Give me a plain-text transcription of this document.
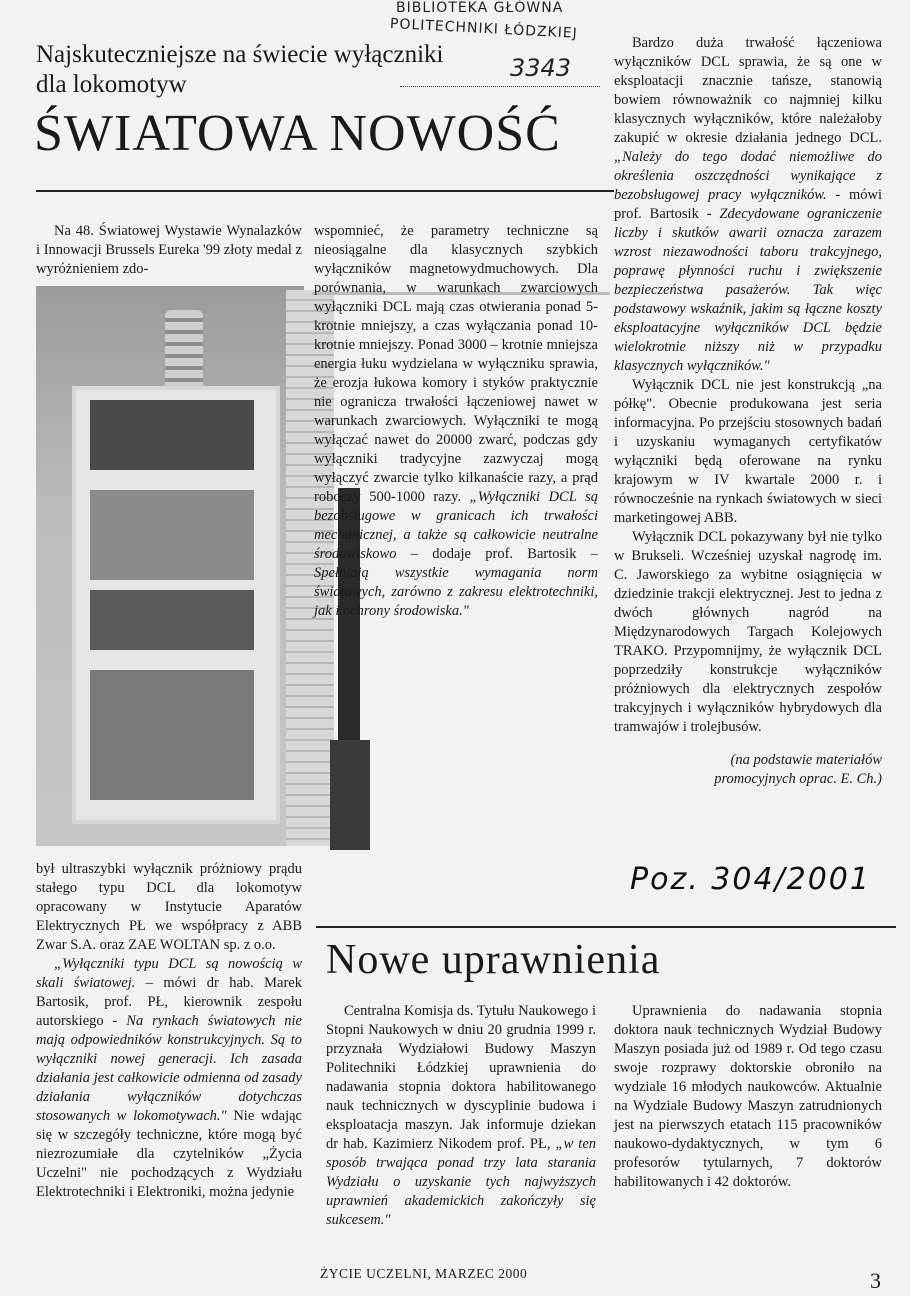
BIBLIOTEKA GŁÓWNA
POLITECHNIKI ŁÓDZKIEJ
3343
Najskuteczniejsze na świecie wyłączniki
dla lokomotyw
ŚWIATOWA NOWOŚĆ

Na 48. Światowej Wystawie Wynalazków i Innowacji Brussels Eureka '99 złoty medal z wyróżnieniem zdo-

był ultraszybki wyłącznik próżniowy prądu stałego typu DCL dla lokomotyw opracowany w Instytucie Aparatów Elektrycznych PŁ we współpracy z ABB Zwar S.A. oraz ZAE WOLTAN sp. z o.o.

„Wyłączniki typu DCL są nowością w skali światowej. – mówi dr hab. Marek Bartosik, prof. PŁ, kierownik zespołu autorskiego - Na rynkach światowych nie mają odpowiedników konstrukcyjnych. Są to wyłączniki nowej generacji. Ich zasada działania jest całkowicie odmienna od zasady działania wyłączników dotychczas stosowanych w lokomotywach." Nie wdając się w szczegóły techniczne, które mogą być niezrozumiałe dla czytelników „Życia Uczelni" nie pochodzących z Wydziału Elektrotechniki i Elektroniki, można jedynie

wspomnieć, że parametry techniczne są nieosiągalne dla klasycznych szybkich wyłączników magnetowydmuchowych. Dla porównania, w warunkach zwarciowych wyłączniki DCL mają czas otwierania ponad 5-krotnie mniejszy, a czas wyłączania ponad 10-krotnie mniejszy. Ponad 3000 – krotnie mniejsza energia łuku wydzielana w wyłączniku sprawia, że erozja łukowa komory i styków praktycznie nie ogranicza trwałości łączeniowej nawet w warunkach zwarciowych. Wyłączniki te mogą wyłączać nawet do 20000 zwarć, podczas gdy wyłączniki tradycyjne zazwyczaj mogą wyłączyć zwarcie tylko kilkanaście razy, a prąd roboczy 500-1000 razy. „Wyłączniki DCL są bezobsługowe w granicach ich trwałości mechanicznej, a także są całkowicie neutralne środowiskowo – dodaje prof. Bartosik – Spełniają wszystkie wymagania norm światowych, zarówno z zakresu elektrotechniki, jak i ochrony środowiska."

Bardzo duża trwałość łączeniowa wyłączników DCL sprawia, że są one w eksploatacji znacznie tańsze, stanowią bowiem równoważnik co najmniej kilku klasycznych wyłączników, które należałoby zakupić w okresie działania jednego DCL. „Należy do tego dodać niemożliwe do określenia oszczędności wynikające z bezobsługowej pracy wyłączników. - mówi prof. Bartosik - Zdecydowane ograniczenie liczby i skutków awarii oznacza zarazem wzrost niezawodności taboru trakcyjnego, poprawę płynności ruchu i zwiększenie bezpieczeństwa pasażerów. Tak więc podstawowy wskaźnik, jakim są łączne koszty eksploatacyjne wyłączników DCL będzie wielokrotnie niższy niż w przypadku klasycznych wyłączników."

Wyłącznik DCL nie jest konstrukcją „na półkę". Obecnie produkowana jest seria informacyjna. Po przejściu stosownych badań i uzyskaniu wymaganych certyfikatów wyłączniki będą oferowane na rynku krajowym w IV kwartale 2000 r. i równocześnie na rynkach światowych w sieci marketingowej ABB.

Wyłącznik DCL pokazywany był nie tylko w Brukseli. Wcześniej uzyskał nagrodę im. C. Jaworskiego za wybitne osiągnięcia w dziedzinie trakcji elektrycznej. Jest to jedna z dwóch głównych nagród na Międzynarodowych Targach Kolejowych TRAKO. Przypomnijmy, że wyłącznik DCL poprzedziły konstrukcje wyłączników próżniowych dla elektrycznych zespołów trakcyjnych i wyłączników hybrydowych dla tramwajów i trolejbusów.

(na podstawie materiałów
promocyjnych oprac. E. Ch.)

Poz. 304/2001
Nowe uprawnienia

Centralna Komisja ds. Tytułu Naukowego i Stopni Naukowych w dniu 20 grudnia 1999 r. przyznała Wydziałowi Budowy Maszyn Politechniki Łódzkiej uprawnienia do nadawania stopnia doktora habilitowanego nauk technicznych w dyscyplinie budowa i eksploatacja maszyn. Jak informuje dziekan dr hab. Kazimierz Nikodem prof. PŁ, „w ten sposób trwająca ponad trzy lata starania Wydziału o uzyskanie tych najwyższych uprawnień akademickich zakończyły się sukcesem."

Uprawnienia do nadawania stopnia doktora nauk technicznych Wydział Budowy Maszyn posiada już od 1989 r. Od tego czasu swoje rozprawy doktorskie obroniło na wydziale 16 młodych naukowców. Aktualnie na Wydziale Budowy Maszyn zatrudnionych jest na pierwszych etatach 115 pracowników naukowo-dydaktycznych, w tym 6 profesorów tytularnych, 7 doktorów habilitowanych i 42 doktorów.

ŻYCIE UCZELNI, MARZEC 2000	3
